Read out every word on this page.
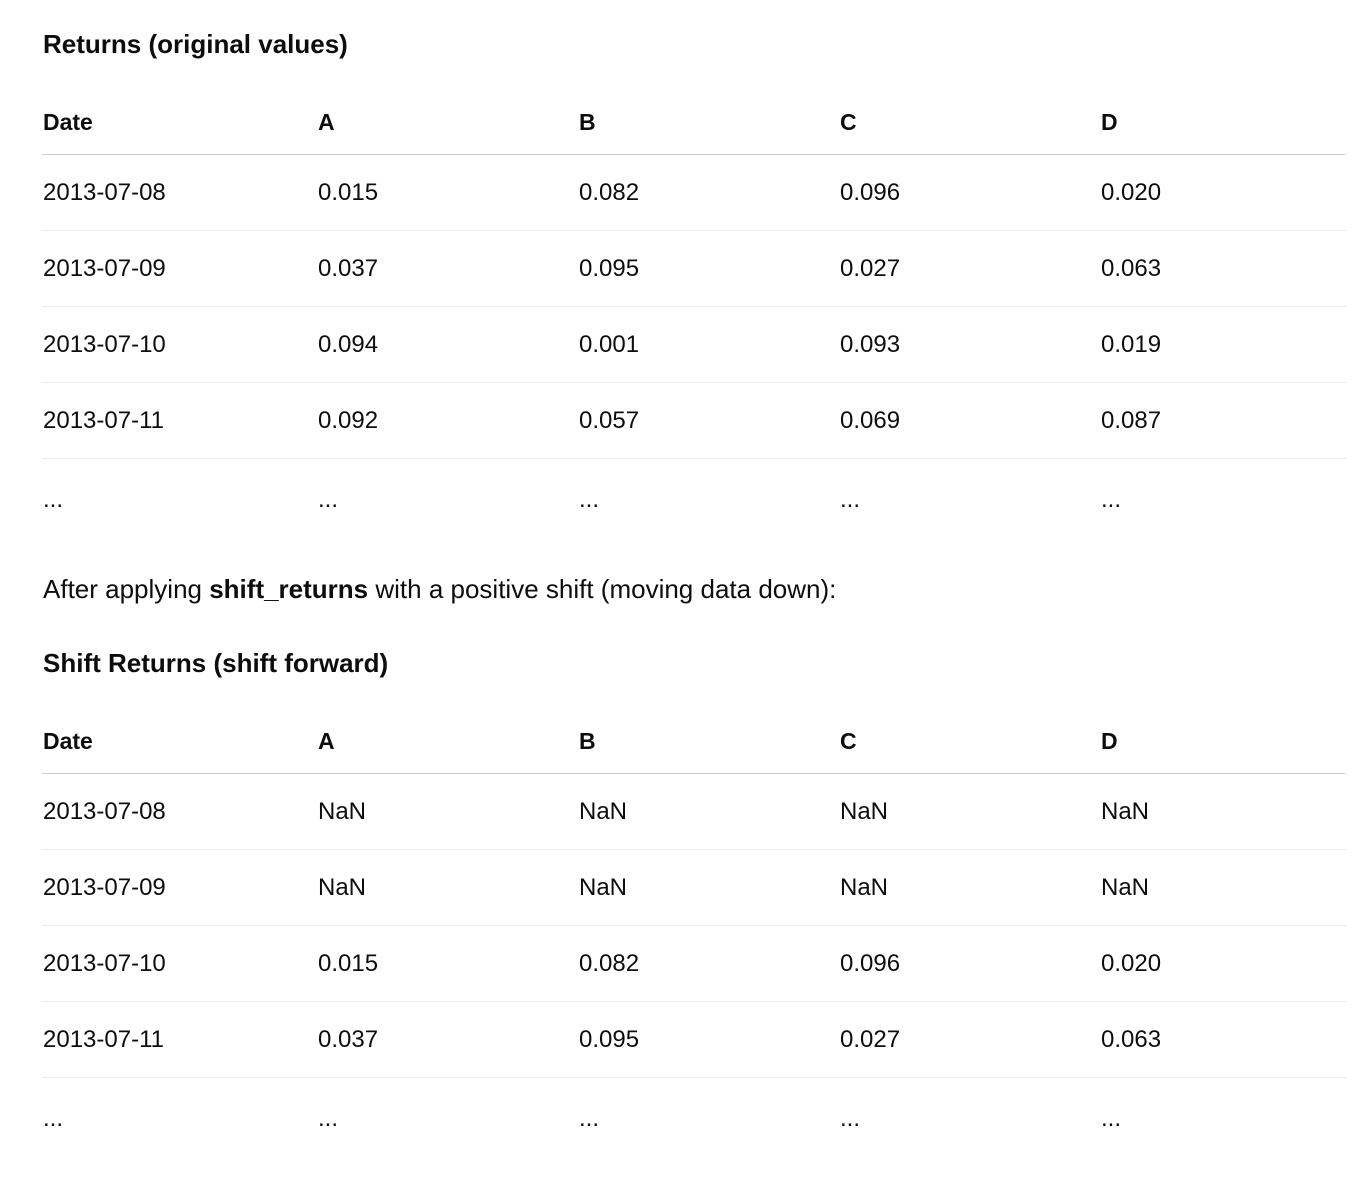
Returns (original values)
Date	A	B	C	D
2013-07-08	0.015	0.082	0.096	0.020
2013-07-09	0.037	0.095	0.027	0.063
2013-07-10	0.094	0.001	0.093	0.019
2013-07-11	0.092	0.057	0.069	0.087
...	...	...	...	...

After applying shift_returns with a positive shift (moving data down):

Shift Returns (shift forward)
Date	A	B	C	D
2013-07-08	NaN	NaN	NaN	NaN
2013-07-09	NaN	NaN	NaN	NaN
2013-07-10	0.015	0.082	0.096	0.020
2013-07-11	0.037	0.095	0.027	0.063
...	...	...	...	...
